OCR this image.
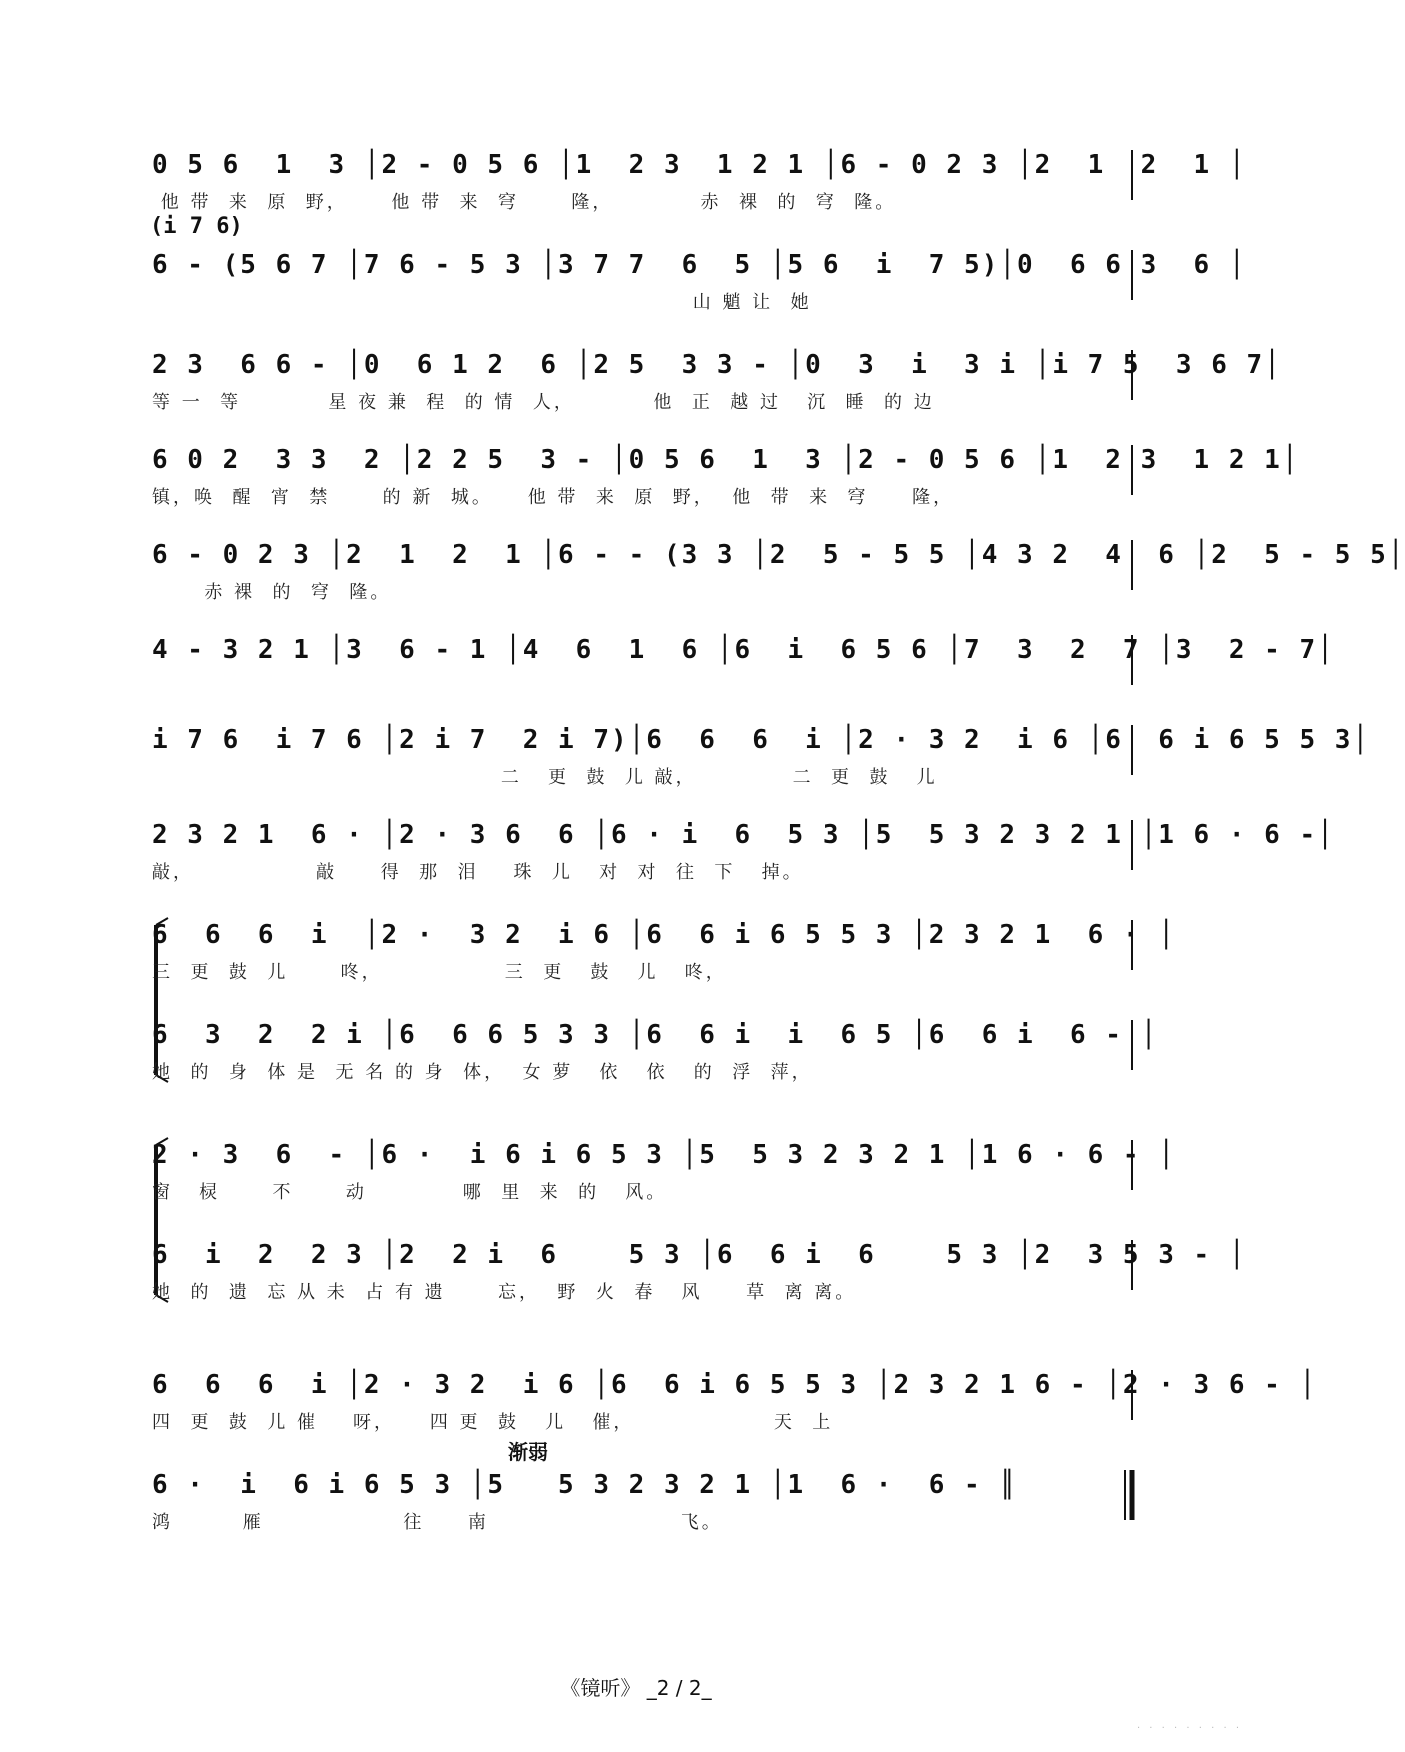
0 5 6  1  3 │2 - 0 5 6 │1  2 3  1 2 1 │6 - 0 2 3 │2  1  2  1 │
他 带  来  原  野，     他 带  来  穹      隆，          赤  裸  的  穹  隆。
6 - (5 6 7 │7 6 - 5 3 │3 7 7  6  5 │5 6  i  7 5)│0  6 6 3  6 │
山 魈 让  她
(i 7 6)
2 3  6 6 - │0  6 1 2  6 │2 5  3 3 - │0  3  i  3 i │i 7 5  3 6 7│
等 一  等          星 夜 兼  程  的 情  人，         他  正  越 过   沉  睡  的 边
6 0 2  3 3  2 │2 2 5  3 - │0 5 6  1  3 │2 - 0 5 6 │1  2 3  1 2 1│
镇，唤  醒  宵  禁      的 新  城。    他 带  来  原  野，  他  带  来  穹     隆，
6 - 0 2 3 │2  1  2  1 │6 - - (3 3 │2  5 - 5 5 │4 3 2  4  6 │2  5 - 5 5│
赤 裸  的  穹  隆。
4 - 3 2 1 │3  6 - 1 │4  6  1  6 │6  i  6 5 6 │7  3  2  7 │3  2 - 7│
i 7 6  i 7 6 │2 i 7  2 i 7)│6  6  6  i │2 · 3 2  i 6 │6  6 i 6 5 5 3│
二   更  鼓  儿 敲，           二  更  鼓   儿
2 3 2 1  6 · │2 · 3 6  6 │6 · i  6  5 3 │5  5 3 2 3 2 1 │1 6 · 6 -│
敲，              敲     得  那  泪    珠  儿   对  对  往  下   掉。
6  6  6  i  │2 ·  3 2  i 6 │6  6 i 6 5 5 3 │2 3 2 1  6 · │
三  更  鼓  儿      咚，              三  更   鼓   儿   咚，
6  3  2  2 i │6  6 6 5 3 3 │6  6 i  i  6 5 │6  6 i  6 - │
她  的  身  体 是  无 名 的 身  体，  女 萝   依   依   的  浮  萍，
2 · 3  6  - │6 ·  i 6 i 6 5 3 │5  5 3 2 3 2 1 │1 6 · 6 - │
窗   棂      不      动           哪  里  来  的   风。
6  i  2  2 3 │2  2 i  6    5 3 │6  6 i  6    5 3 │2  3 5 3 - │
她  的  遗  忘 从 未  占 有 遗      忘，  野  火  春   风     草  离 离。
6  6  6  i │2 · 3 2  i 6 │6  6 i 6 5 5 3 │2 3 2 1 6 - │2 · 3 6 - │
四  更  鼓  儿 催    呀，    四 更  鼓   儿   催，                天  上
6 ·  i  6 i 6 5 3 │5   5 3 2 3 2 1 │1  6 ·  6 - ║
鸿        雁                往     南                      飞。
渐弱
《镜听》 _2 / 2_
· · · · · · · · ·
